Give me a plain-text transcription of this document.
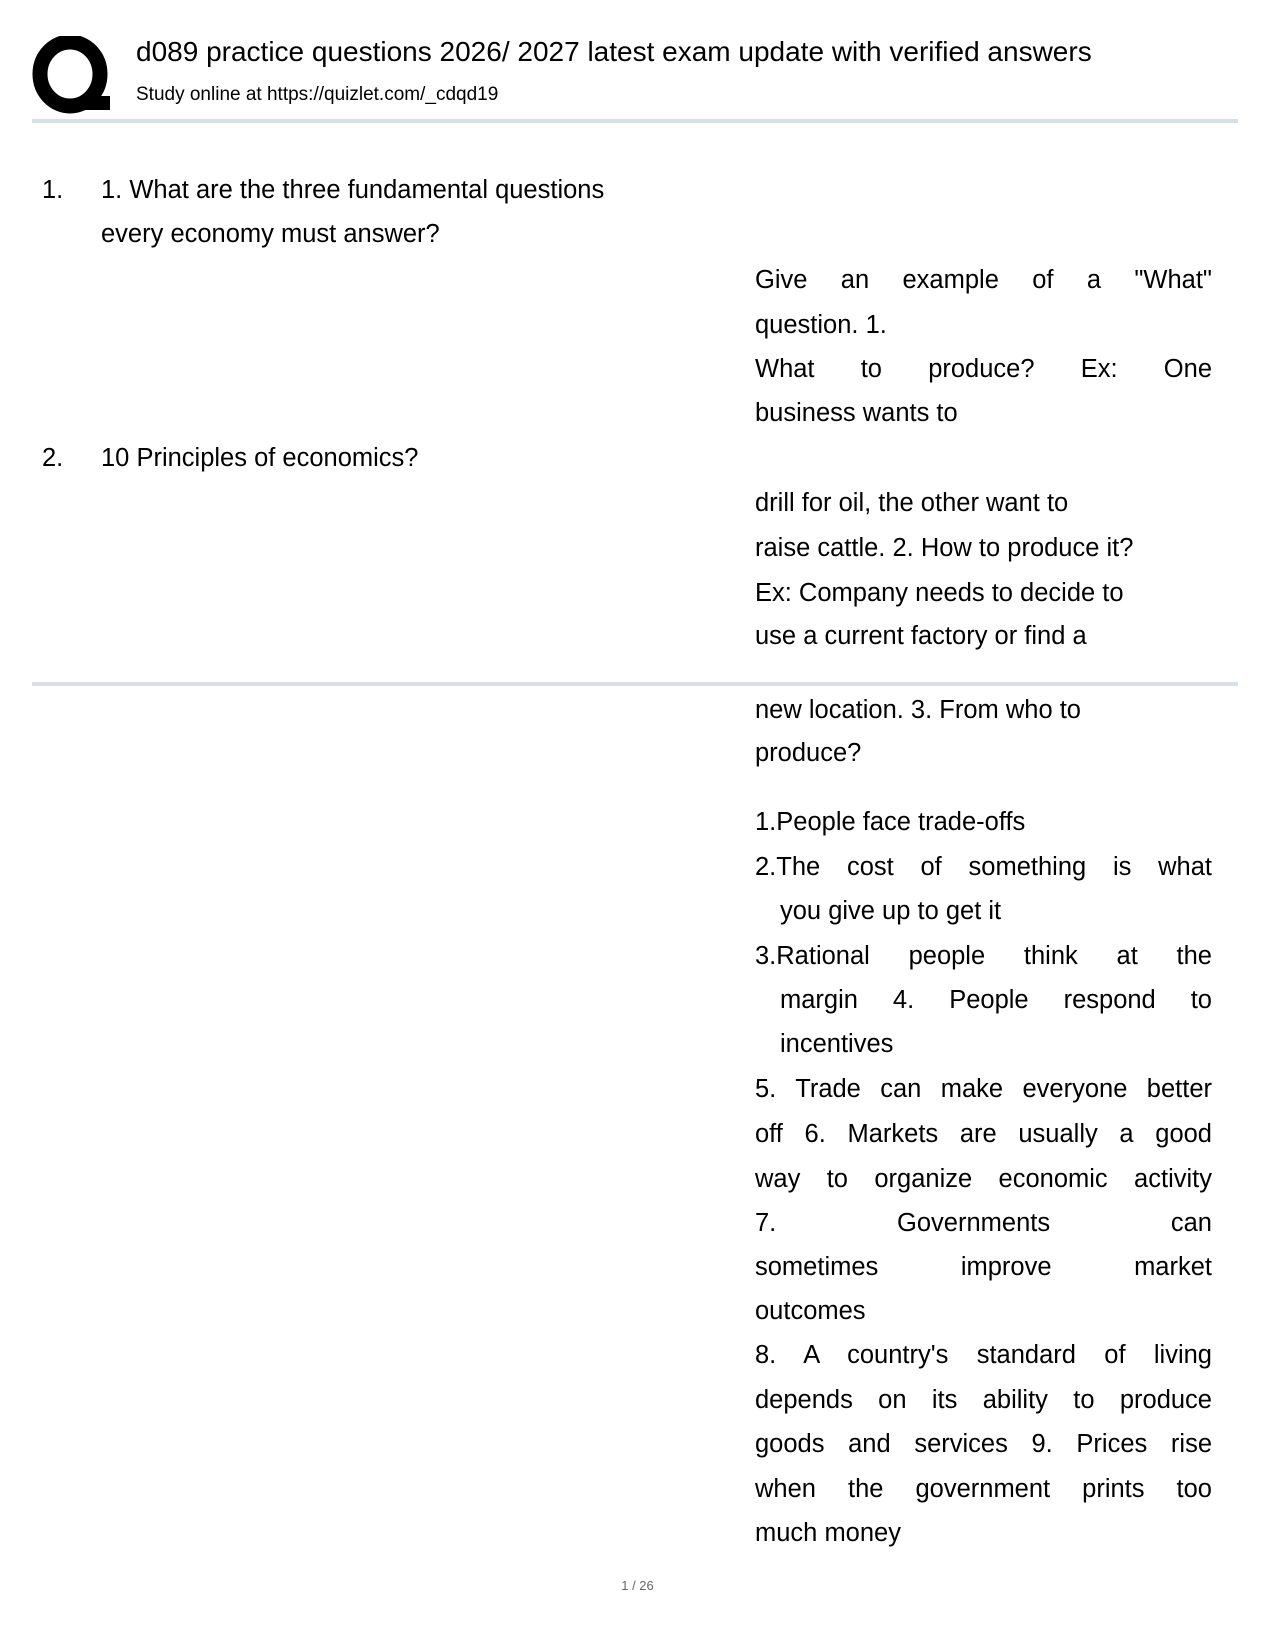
d089 practice questions 2026/ 2027 latest exam update with verified answers
Study online at https://quizlet.com/_cdqd19
1. 1. What are the three fundamental questions
every economy must answer?
2. 10 Principles of economics?
Give an example of a "What"
question. 1.
What to produce? Ex: One
business wants to
drill for oil, the other want to
raise cattle. 2. How to produce it?
Ex: Company needs to decide to
use a current factory or find a
new location. 3. From who to
produce?
1.People face trade-offs
2.The cost of something is what
you give up to get it
3.Rational people think at the
margin 4. People respond to
incentives
5. Trade can make everyone better
off 6. Markets are usually a good
way to organize economic activity
7. Governments can
sometimes improve market
outcomes
8. A country's standard of living
depends on its ability to produce
goods and services 9. Prices rise
when the government prints too
much money
1 / 26
